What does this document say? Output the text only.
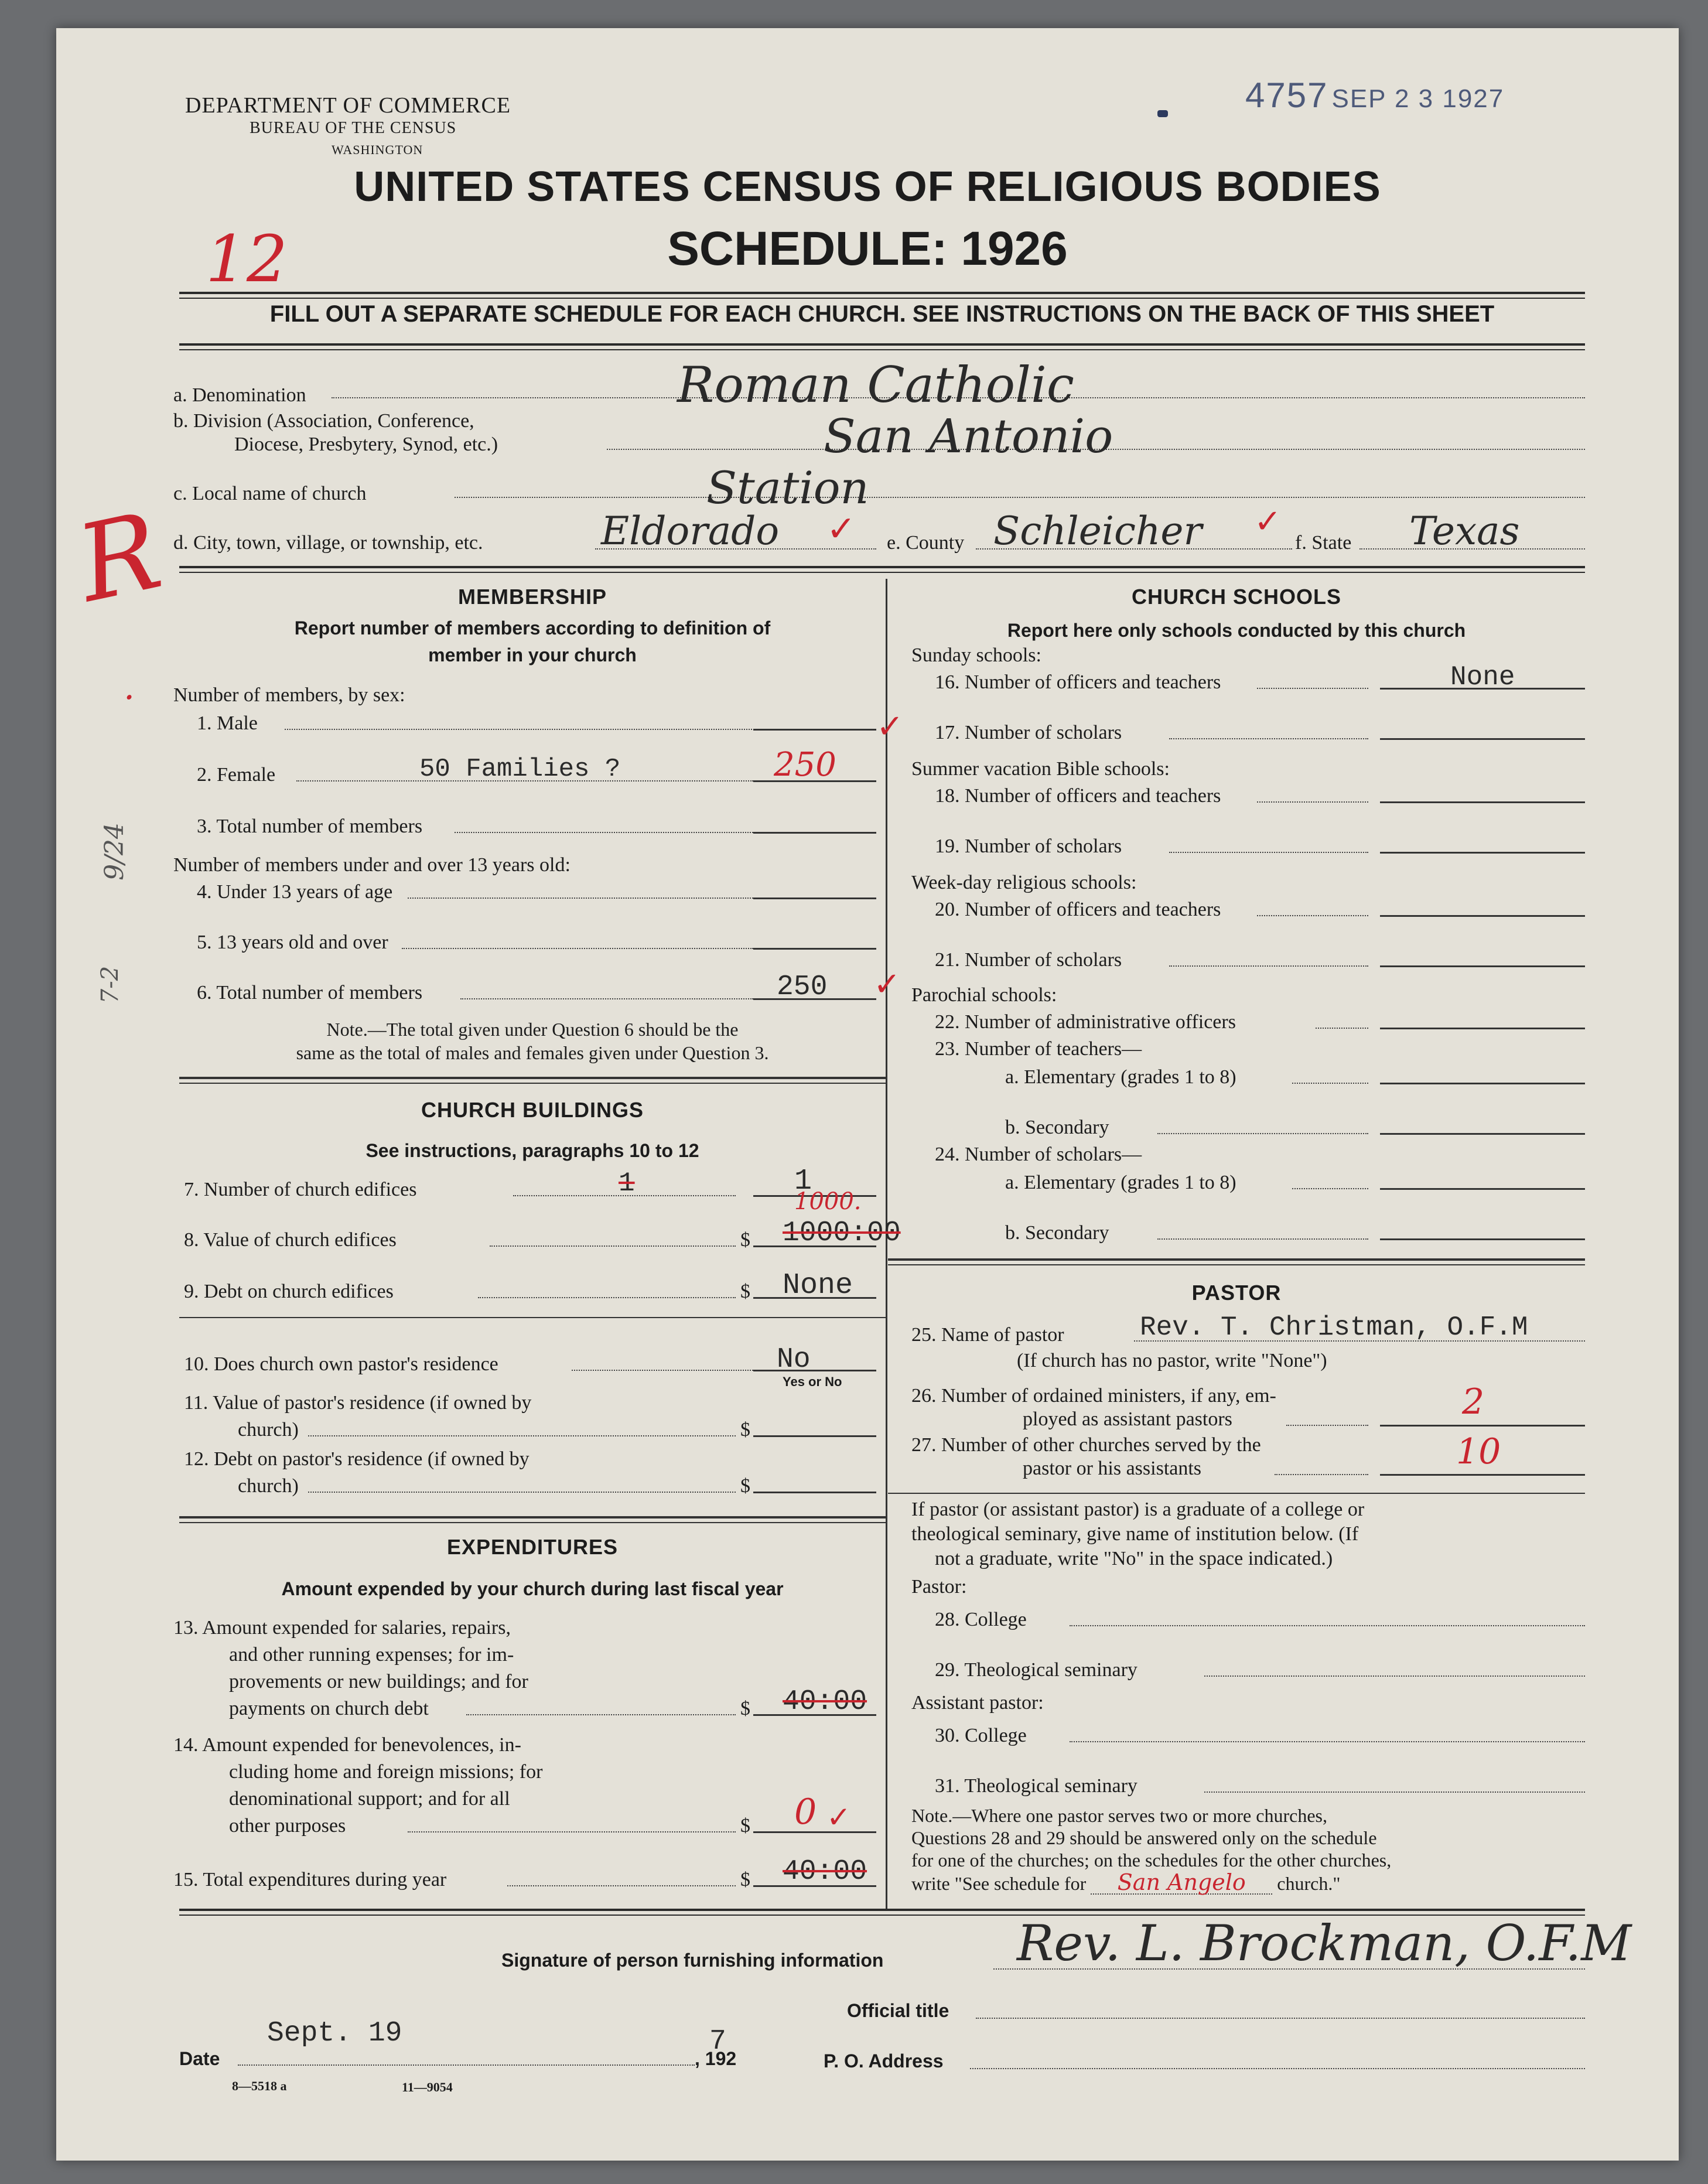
DEPARTMENT OF COMMERCE
BUREAU OF THE CENSUS
WASHINGTON
4757 SEP 2 3 1927
UNITED STATES CENSUS OF RELIGIOUS BODIES
SCHEDULE: 1926
12
R
.
9/24
7-2
FILL OUT A SEPARATE SCHEDULE FOR EACH CHURCH. SEE INSTRUCTIONS ON THE BACK OF THIS SHEET
a. Denomination	Roman Catholic
b. Division (Association, Conference,
Diocese, Presbytery, Synod, etc.)	San Antonio
c. Local name of church	Station
d. City, town, village, or township, etc.	Eldorado ✓ e. County Schleicher ✓
f. State Texas
MEMBERSHIP
Report number of members according to definition of
member in your church
Number of members, by sex:
1. Male	✓
2. Female	50 Families ?	250
3. Total number of members
Number of members under and over 13 years old:
4. Under 13 years of age
5. 13 years old and over
6. Total number of members	250 ✓
Note.—The total given under Question 6 should be the
same as the total of males and females given under Question 3.
CHURCH BUILDINGS
See instructions, paragraphs 10 to 12
7. Number of church edifices	1	1
1000.
8. Value of church edifices	$ 1000:00
9. Debt on church edifices	$ None
10. Does church own pastor's residence	No
Yes or No
11. Value of pastor's residence (if owned by
church)	$
12. Debt on pastor's residence (if owned by
church)	$
EXPENDITURES
Amount expended by your church during last fiscal year
13. Amount expended for salaries, repairs,
and other running expenses; for im-
provements or new buildings; and for
payments on church debt	$ 40:00
14. Amount expended for benevolences, in-
cluding home and foreign missions; for
denominational support; and for all
other purposes	$ 0 ✓
15. Total expenditures during year	$ 40:00
CHURCH SCHOOLS
Report here only schools conducted by this church
Sunday schools:
16. Number of officers and teachers	None
17. Number of scholars
Summer vacation Bible schools:
18. Number of officers and teachers
19. Number of scholars
Week-day religious schools:
20. Number of officers and teachers
21. Number of scholars
Parochial schools:
22. Number of administrative officers
23. Number of teachers—
a. Elementary (grades 1 to 8)
b. Secondary
24. Number of scholars—
a. Elementary (grades 1 to 8)
b. Secondary
PASTOR
25. Name of pastor	Rev. T. Christman, O.F.M
(If church has no pastor, write "None")
26. Number of ordained ministers, if any, em-
ployed as assistant pastors	2
27. Number of other churches served by the
pastor or his assistants	10
If pastor (or assistant pastor) is a graduate of a college or
theological seminary, give name of institution below. (If
not a graduate, write "No" in the space indicated.)
Pastor:
28. College
29. Theological seminary
Assistant pastor:
30. College
31. Theological seminary
Note.—Where one pastor serves two or more churches,
Questions 28 and 29 should be answered only on the schedule
for one of the churches; on the schedules for the other churches,
write "See schedule for San Angelo church."
Signature of person furnishing information	Rev. L. Brockman, O.F.M
Official title
Date
Sept. 19
, 192
7
P. O. Address
8—5518 a	11—9054
